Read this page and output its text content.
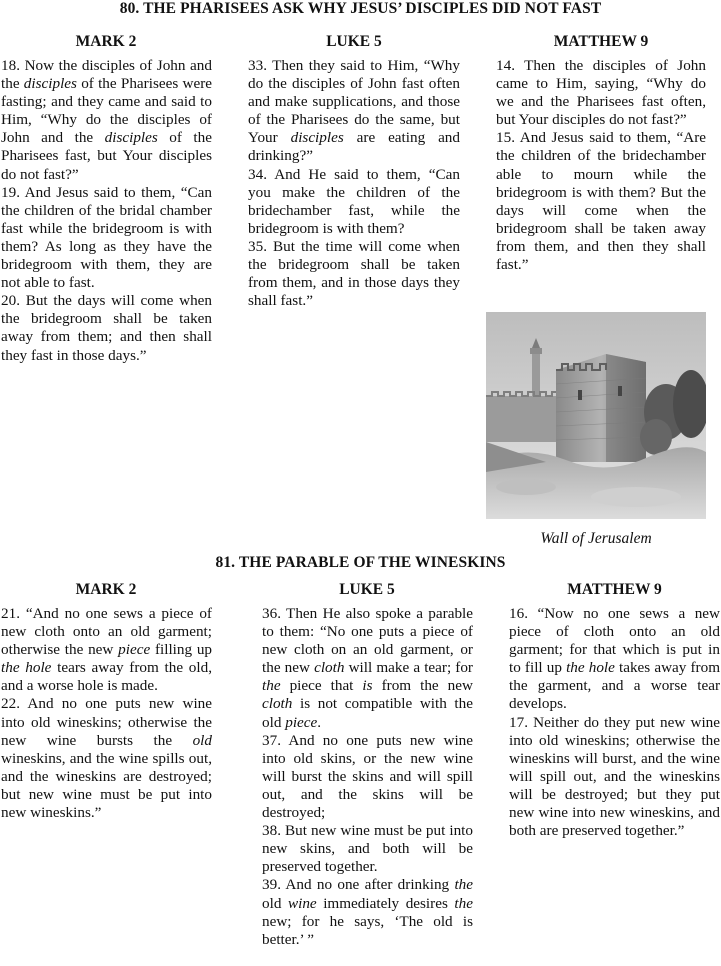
80. THE PHARISEES ASK WHY JESUS’ DISCIPLES DID NOT FAST
MARK 2	LUKE 5	MATTHEW 9

18. Now the disciples of John and the disciples of the Pharisees were fasting; and they came and said to Him, “Why do the disciples of John and the disciples of the Pharisees fast, but Your disciples do not fast?”

19. And Jesus said to them, “Can the children of the bridal chamber fast while the bridegroom is with them? As long as they have the bridegroom with them, they are not able to fast.

20. But the days will come when the bridegroom shall be taken away from them; and then shall they fast in those days.”

33. Then they said to Him, “Why do the disciples of John fast often and make supplications, and those of the Pharisees do the same, but Your disciples are eating and drinking?”

34. And He said to them, “Can you make the children of the bridechamber fast, while the bridegroom is with them?

35. But the time will come when the bridegroom shall be taken from them, and in those days they shall fast.”

14. Then the disciples of John came to Him, saying, “Why do we and the Pharisees fast often, but Your disciples do not fast?”

15. And Jesus said to them, “Are the children of the bridechamber able to mourn while the bridegroom is with them? But the days will come when the bridegroom shall be taken away from them, and then they shall fast.”

Wall of Jerusalem
81. THE PARABLE OF THE WINESKINS
MARK 2	LUKE 5	MATTHEW 9

21. “And no one sews a piece of new cloth onto an old garment; otherwise the new piece filling up the hole tears away from the old, and a worse hole is made.

22. And no one puts new wine into old wineskins; otherwise the new wine bursts the old wineskins, and the wine spills out, and the wineskins are destroyed; but new wine must be put into new wineskins.”

36. Then He also spoke a parable to them: “No one puts a piece of new cloth on an old garment, or the new cloth will make a tear; for the piece that is from the new cloth is not compatible with the old piece.

37. And no one puts new wine into old skins, or the new wine will burst the skins and will spill out, and the skins will be destroyed;

38. But new wine must be put into new skins, and both will be preserved together.

39. And no one after drinking the old wine immediately desires the new; for he says, ‘The old is better.’ ”

16. “Now no one sews a new piece of cloth onto an old garment; for that which is put in to fill up the hole takes away from the garment, and a worse tear develops.

17. Neither do they put new wine into old wineskins; otherwise the wineskins will burst, and the wine will spill out, and the wineskins will be destroyed; but they put new wine into new wineskins, and both are preserved together.”
